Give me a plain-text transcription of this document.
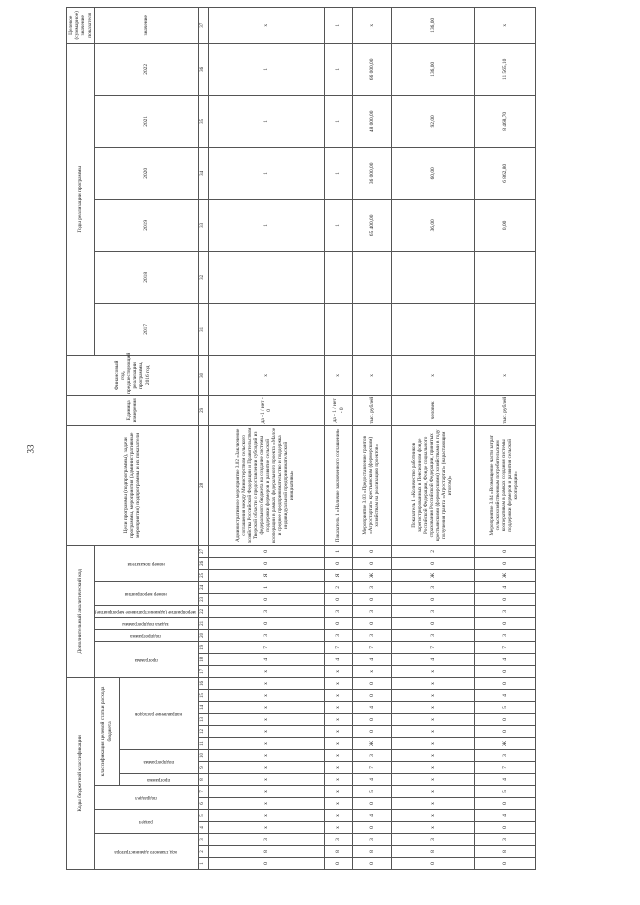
33
Коды бюджетной классификации																Дополнительный аналитический код											Цели программы (подпрограммы), задачи программы, мероприятия (административные мероприятия) подпрограммы и их показатели	Единица измерения	Финансовый год, предшествующий реализации программы, 2016 год	Годы реализации программы						Целевое (суммарное) значение показателя
код главного администратора			раздел		подраздел		классификация целевой статьи расхода бюджета									программа			подпрограмма	задача подпрограммы	мероприятие (административное мероприятие)	номер мероприятия		номер показателя						2017	2018	2019	2020	2021	2022	значение
							программа	подпрограмма		направление расходов																										
1	2	3	4	5	6	7	8	9	10	11	12	13	14	15	16	17	18	19	20	21	22	23	24	25	26	27	28	29	30	31	32	33	34	35	36	37
0	8	3	х	х	х	х	х	х	х	х	х	х	х	х	х	х	4	7	3	0	3	0	1	Я	0	0	Административное мероприятие 3.02 «Заключение соглашения между Министерством сельского хозяйства Российской Федерации и Правительством Тверской области о предоставлении субсидий из федерального бюджета на создание системы поддержки фермеров и развитие сельской кооперации в рамках федерального проекта «Малое и среднее предпринимательство и поддержка индивидуальной предпринимательской инициативы»	да -1 / нет - 0	х			1	1	1	1	х
0	8	3	х	х	х	х	х	х	х	х	х	х	х	х	х	х	4	7	3	0	3	0	2	Я	0	1	Показатель 1 «Наличие заключенного соглашения»	да - 1 / нет - 0	х			1	1	1	1	1
0	8	3	0	4	0	5	4	7	3	Ж	0	0	4	0	0	х	4	7	3	0	3	0	3	Ж	0	0	Мероприятие 3.03 «Предоставление грантов «Агростартап» крестьянским (фермерским) хозяйствам на реализацию проектов»	тыс. рублей	х			65 400,00	36 000,00	48 000,00	66 000,00	х
0	8	3	х	х	х	х	х	х	х	х	х	х	х	х	х	х	4	7	3	0	3	0	3	Ж	0	2	Показатель 1 «Количество работников зарегистрированных в Пенсионном фонде Российской Федерации, Фонде социального страхования Российской Федерации, принятых крестьянскими (фермерскими) хозяйствами в году получения гранта «Агростартап» (нарастающим итогом)»	человек	х			36,00	60,00	92,00	136,00	136,00
0	8	3	0	4	0	5	4	7	3	Ж	0	0	5	4	0	0	4	7	3	0	3	0	4	Ж	0	0	Мероприятие 3.04 «Возмещение части затрат сельскохозяйственным потребительским кооперативам в рамках создания системы поддержки фермеров и развития сельской кооперации»	тыс. рублей	х			0,00	6 862,80	8 468,70	11 565,10	х
